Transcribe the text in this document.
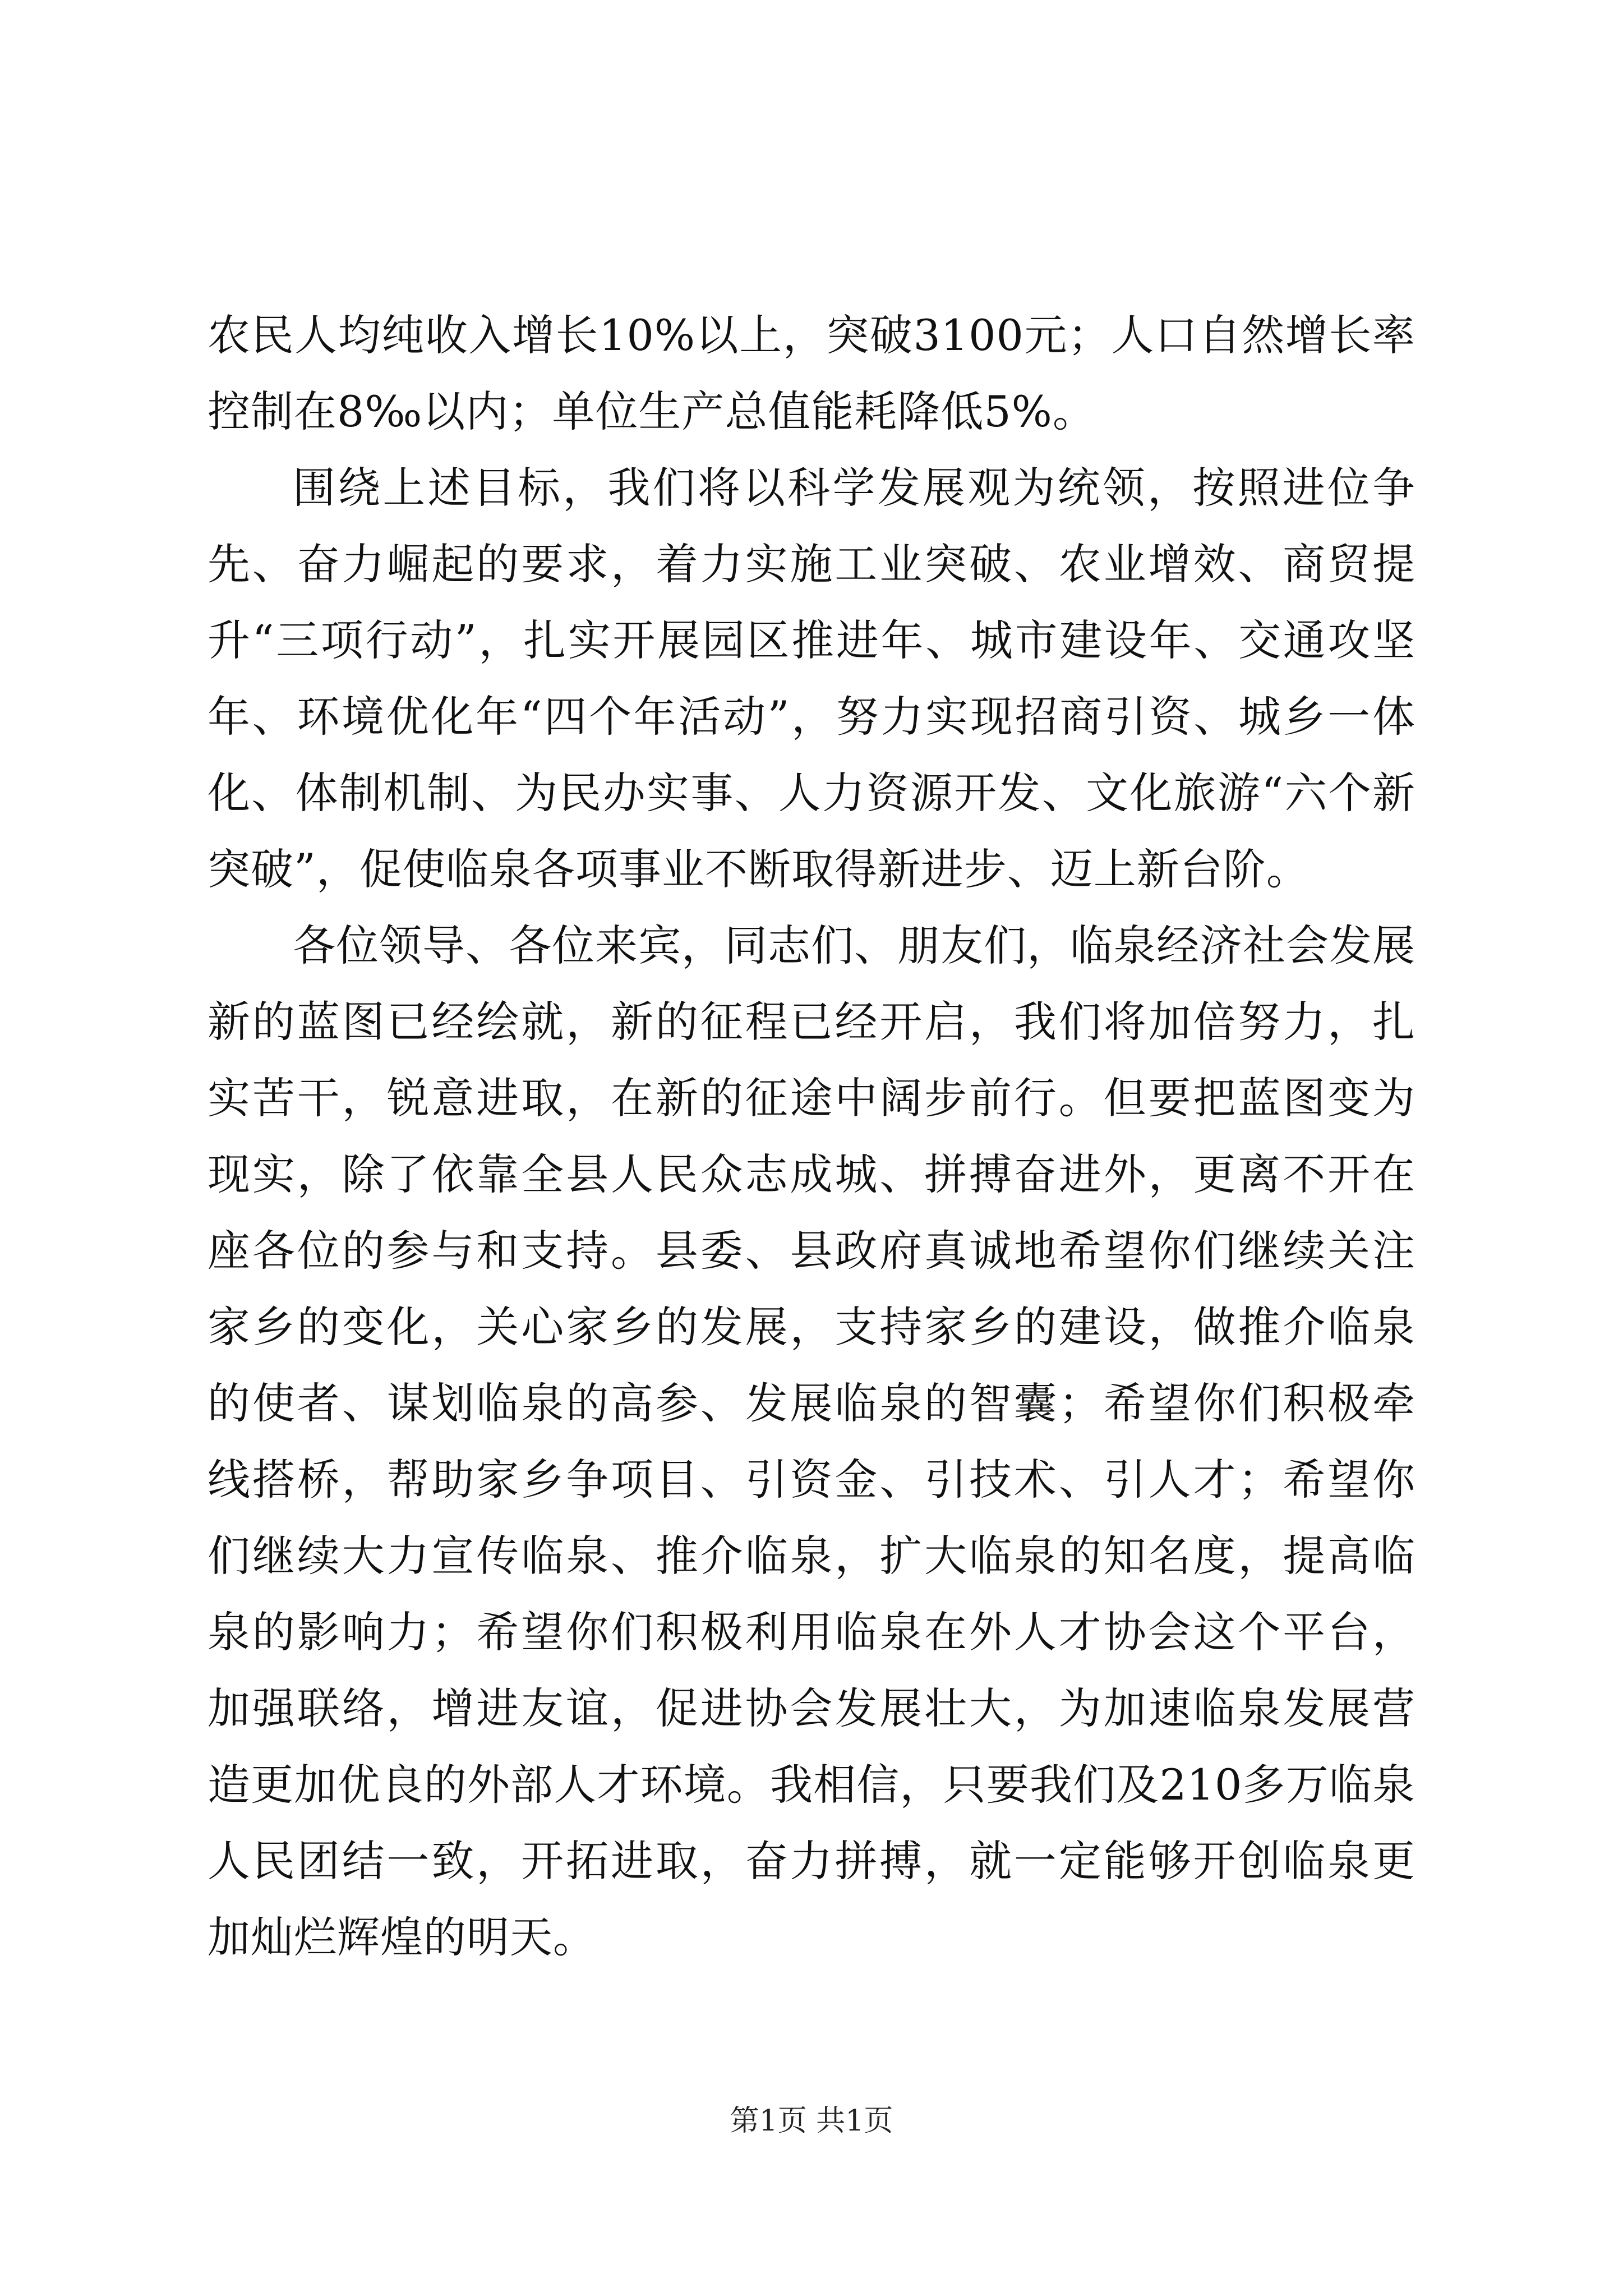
农民人均纯收入增长10%以上，突破3100元；人口自然增长率控制在8‰以内；单位生产总值能耗降低5%。

围绕上述目标，我们将以科学发展观为统领，按照进位争先、奋力崛起的要求，着力实施工业突破、农业增效、商贸提升“三项行动”，扎实开展园区推进年、城市建设年、交通攻坚年、环境优化年“四个年活动”，努力实现招商引资、城乡一体化、体制机制、为民办实事、人力资源开发、文化旅游“六个新突破”，促使临泉各项事业不断取得新进步、迈上新台阶。

各位领导、各位来宾，同志们、朋友们，临泉经济社会发展新的蓝图已经绘就，新的征程已经开启，我们将加倍努力，扎实苦干，锐意进取，在新的征途中阔步前行。但要把蓝图变为现实，除了依靠全县人民众志成城、拼搏奋进外，更离不开在座各位的参与和支持。县委、县政府真诚地希望你们继续关注家乡的变化，关心家乡的发展，支持家乡的建设，做推介临泉的使者、谋划临泉的高参、发展临泉的智囊；希望你们积极牵线搭桥，帮助家乡争项目、引资金、引技术、引人才；希望你们继续大力宣传临泉、推介临泉，扩大临泉的知名度，提高临泉的影响力；希望你们积极利用临泉在外人才协会这个平台，加强联络，增进友谊，促进协会发展壮大，为加速临泉发展营造更加优良的外部人才环境。我相信，只要我们及210多万临泉人民团结一致，开拓进取，奋力拼搏，就一定能够开创临泉更加灿烂辉煌的明天。

第1页 共1页
